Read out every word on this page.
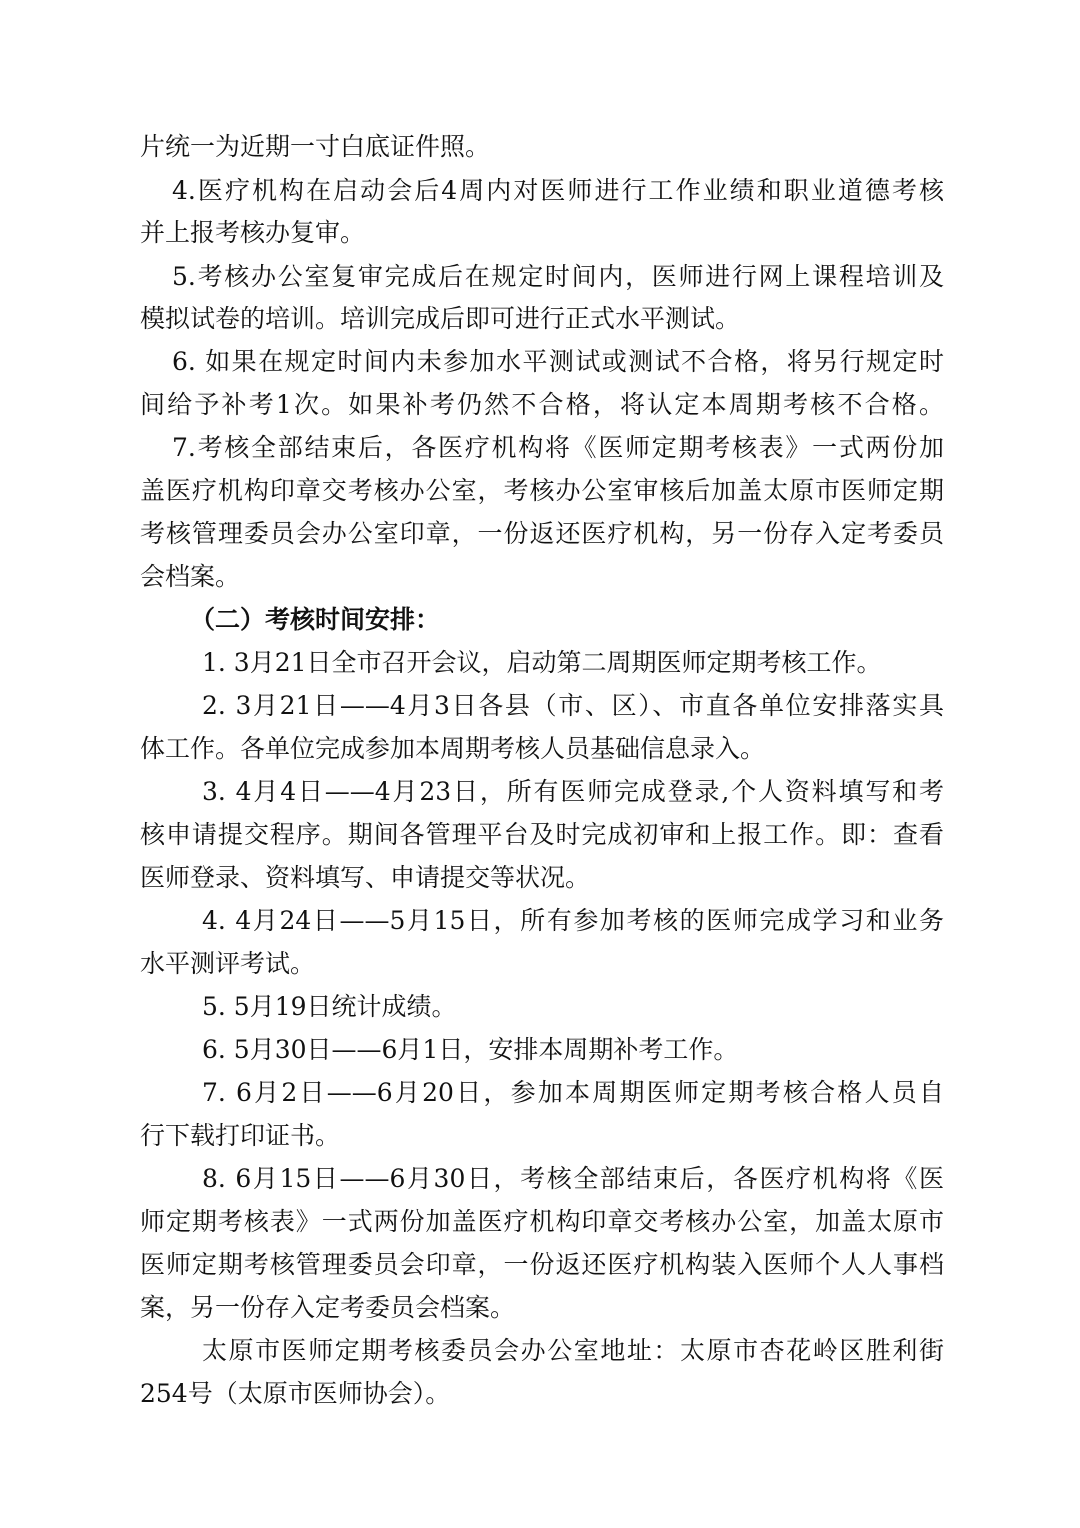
片统一为近期一寸白底证件照。
4.医疗机构在启动会后4周内对医师进行工作业绩和职业道德考核
并上报考核办复审。
5.考核办公室复审完成后在规定时间内，医师进行网上课程培训及
模拟试卷的培训。培训完成后即可进行正式水平测试。
6. 如果在规定时间内未参加水平测试或测试不合格，将另行规定时
间给予补考1次。如果补考仍然不合格，将认定本周期考核不合格。
7.考核全部结束后，各医疗机构将《医师定期考核表》一式两份加
盖医疗机构印章交考核办公室，考核办公室审核后加盖太原市医师定期
考核管理委员会办公室印章，一份返还医疗机构，另一份存入定考委员
会档案。
（二）考核时间安排：
1. 3月21日全市召开会议，启动第二周期医师定期考核工作。
2. 3月21日——4月3日各县（市、区）、市直各单位安排落实具
体工作。各单位完成参加本周期考核人员基础信息录入。
3. 4月4日——4月23日，所有医师完成登录,个人资料填写和考
核申请提交程序。期间各管理平台及时完成初审和上报工作。即：查看
医师登录、资料填写、申请提交等状况。
4. 4月24日——5月15日，所有参加考核的医师完成学习和业务
水平测评考试。
5. 5月19日统计成绩。
6. 5月30日——6月1日，安排本周期补考工作。
7. 6月2日——6月20日，参加本周期医师定期考核合格人员自
行下载打印证书。
8. 6月15日——6月30日，考核全部结束后，各医疗机构将《医
师定期考核表》一式两份加盖医疗机构印章交考核办公室，加盖太原市
医师定期考核管理委员会印章，一份返还医疗机构装入医师个人人事档
案，另一份存入定考委员会档案。
太原市医师定期考核委员会办公室地址：太原市杏花岭区胜利街
254号（太原市医师协会）。
